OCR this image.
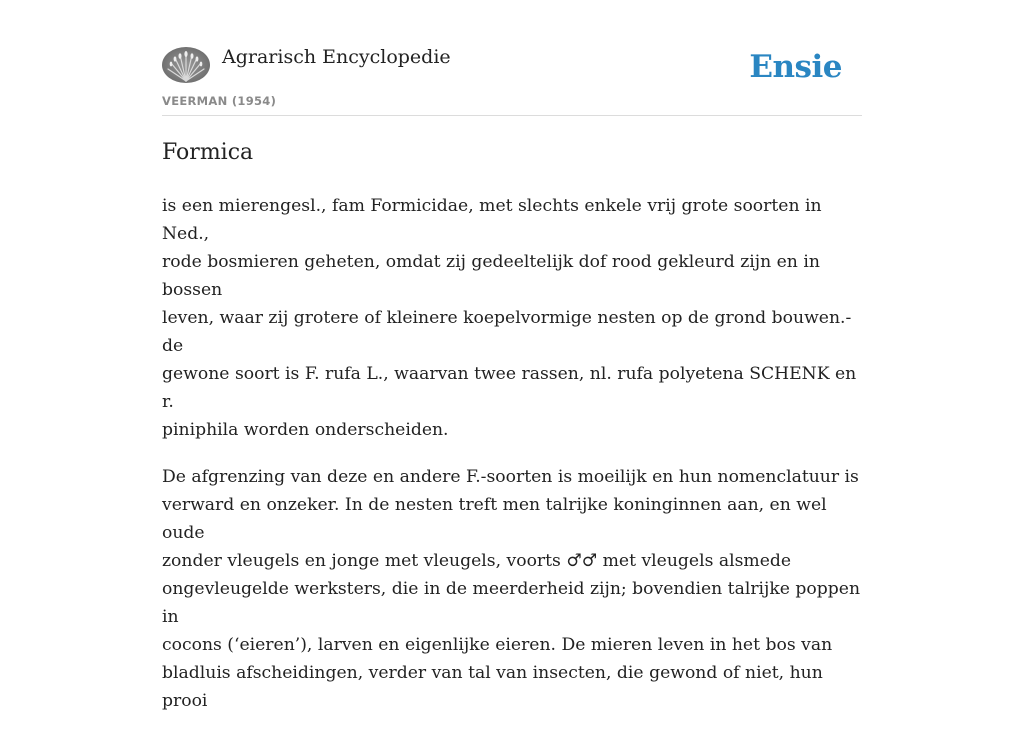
Agrarisch Encyclopedie
VEERMAN (1954)
Ensie
Formica

is een mierengesl., fam Formicidae, met slechts enkele vrij grote soorten in Ned.,
rode bosmieren geheten, omdat zij gedeeltelijk dof rood gekleurd zijn en in bossen
leven, waar zij grotere of kleinere koepelvormige nesten op de grond bouwen.-de
gewone soort is F. rufa L., waarvan twee rassen, nl. rufa polyetena SCHENK en r.
piniphila worden onderscheiden.

De afgrenzing van deze en andere F.-soorten is moeilijk en hun nomenclatuur is
verward en onzeker. In de nesten treft men talrijke koninginnen aan, en wel oude
zonder vleugels en jonge met vleugels, voorts ♂♂ met vleugels alsmede
ongevleugelde werksters, die in de meerderheid zijn; bovendien talrijke poppen in
cocons (‘eieren’), larven en eigenlijke eieren. De mieren leven in het bos van
bladluis afscheidingen, verder van tal van insecten, die gewond of niet, hun prooi
